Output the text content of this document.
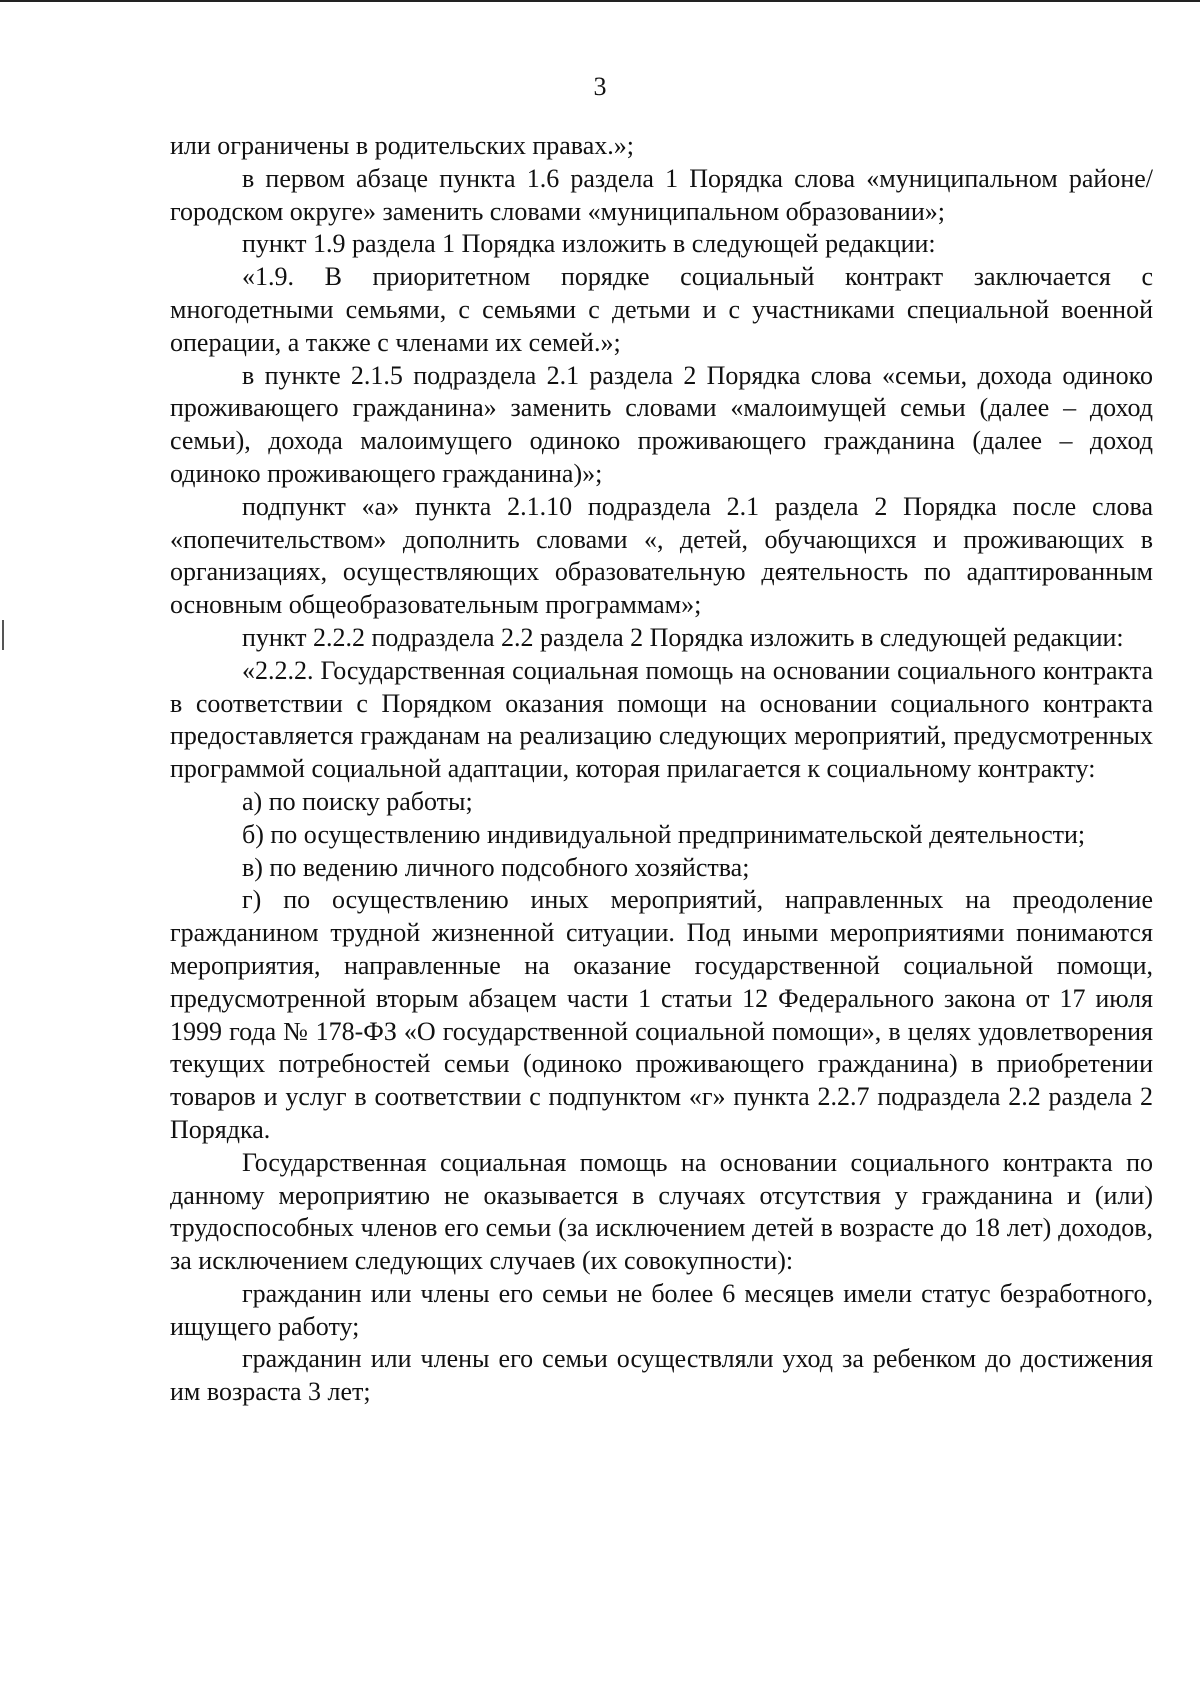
3

или ограничены в родительских правах.»;

в первом абзаце пункта 1.6 раздела 1 Порядка слова «муниципальном районе/городском округе» заменить словами «муниципальном образовании»;

пункт 1.9 раздела 1 Порядка изложить в следующей редакции:

«1.9. В приоритетном порядке социальный контракт заключается с многодетными семьями, с семьями с детьми и с участниками специальной военной операции, а также с членами их семей.»;

в пункте 2.1.5 подраздела 2.1 раздела 2 Порядка слова «семьи, дохода одиноко проживающего гражданина» заменить словами «малоимущей семьи (далее – доход семьи), дохода малоимущего одиноко проживающего гражданина (далее – доход одиноко проживающего гражданина)»;

подпункт «а» пункта 2.1.10 подраздела 2.1 раздела 2 Порядка после слова «попечительством» дополнить словами «, детей, обучающихся и проживающих в организациях, осуществляющих образовательную деятельность по адаптированным основным общеобразовательным программам»;

пункт 2.2.2 подраздела 2.2 раздела 2 Порядка изложить в следующей редакции:

«2.2.2. Государственная социальная помощь на основании социального контракта в соответствии с Порядком оказания помощи на основании социального контракта предоставляется гражданам на реализацию следующих мероприятий, предусмотренных программой социальной адаптации, которая прилагается к социальному контракту:

а) по поиску работы;

б) по осуществлению индивидуальной предпринимательской деятельности;

в) по ведению личного подсобного хозяйства;

г) по осуществлению иных мероприятий, направленных на преодоление гражданином трудной жизненной ситуации. Под иными мероприятиями понимаются мероприятия, направленные на оказание государственной социальной помощи, предусмотренной вторым абзацем части 1 статьи 12 Федерального закона от 17 июля 1999 года № 178-ФЗ «О государственной социальной помощи», в целях удовлетворения текущих потребностей семьи (одиноко проживающего гражданина) в приобретении товаров и услуг в соответствии с подпунктом «г» пункта 2.2.7 подраздела 2.2 раздела 2 Порядка.

Государственная социальная помощь на основании социального контракта по данному мероприятию не оказывается в случаях отсутствия у гражданина и (или) трудоспособных членов его семьи (за исключением детей в возрасте до 18 лет) доходов, за исключением следующих случаев (их совокупности):

гражданин или члены его семьи не более 6 месяцев имели статус безработного, ищущего работу;

гражданин или члены его семьи осуществляли уход за ребенком до достижения им возраста 3 лет;
